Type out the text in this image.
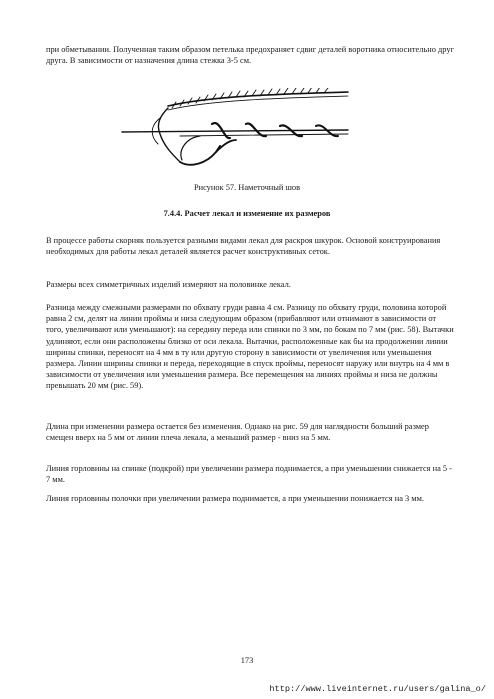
при обметывании. Полученная таким образом петелька предохраняет сдвиг деталей воротника относительно друг друга. В зависимости от назначения длина стежка 3-5 см.

Рисунок 57. Наметочный шов
7.4.4. Расчет лекал и изменение их размеров

В процессе работы скорняк пользуется разными видами лекал для раскроя шкурок. Основой конструирования необходимых для работы лекал деталей является расчет конструктивных сеток.

Размеры всех симметричных изделий измеряют на половинке лекал.

Разница между смежными размерами по обхвату груди равна 4 см. Разницу по обхвату груди, половина которой равна 2 см, делят на линии проймы и низа следующим образом (прибавляют или отнимают в зависимости от того, увеличивают или уменьшают): на середину переда или спинки по 3 мм, по бокам по 7 мм (рис. 58). Вытачки удлиняют, если они расположены близко от оси лекала. Вытачки, расположенные как бы на продолжении линии ширины спинки, переносят на 4 мм в ту или другую сторону в зависимости от увеличения или уменьшения размера. Линии ширины спинки и переда, переходящие в спуск проймы, переносят наружу или внутрь на 4 мм в зависимости от увеличения или уменьшения размера. Все перемещения на линиях проймы и низа не должны превышать 20 мм (рис. 59).

Длина при изменении размера остается без изменения. Однако на рис. 59 для наглядности больший размер смещен вверх на 5 мм от линии плеча лекала, а меньший размер - вниз на 5 мм.

Линия горловины на спинке (подкрой) при увеличении размера поднимается, а при уменьшении снижается на 5 - 7 мм.

Линия горловины полочки при увеличении размера поднимается, а при уменьшении понижается на 3 мм.

173
http://www.liveinternet.ru/users/galina_o/
